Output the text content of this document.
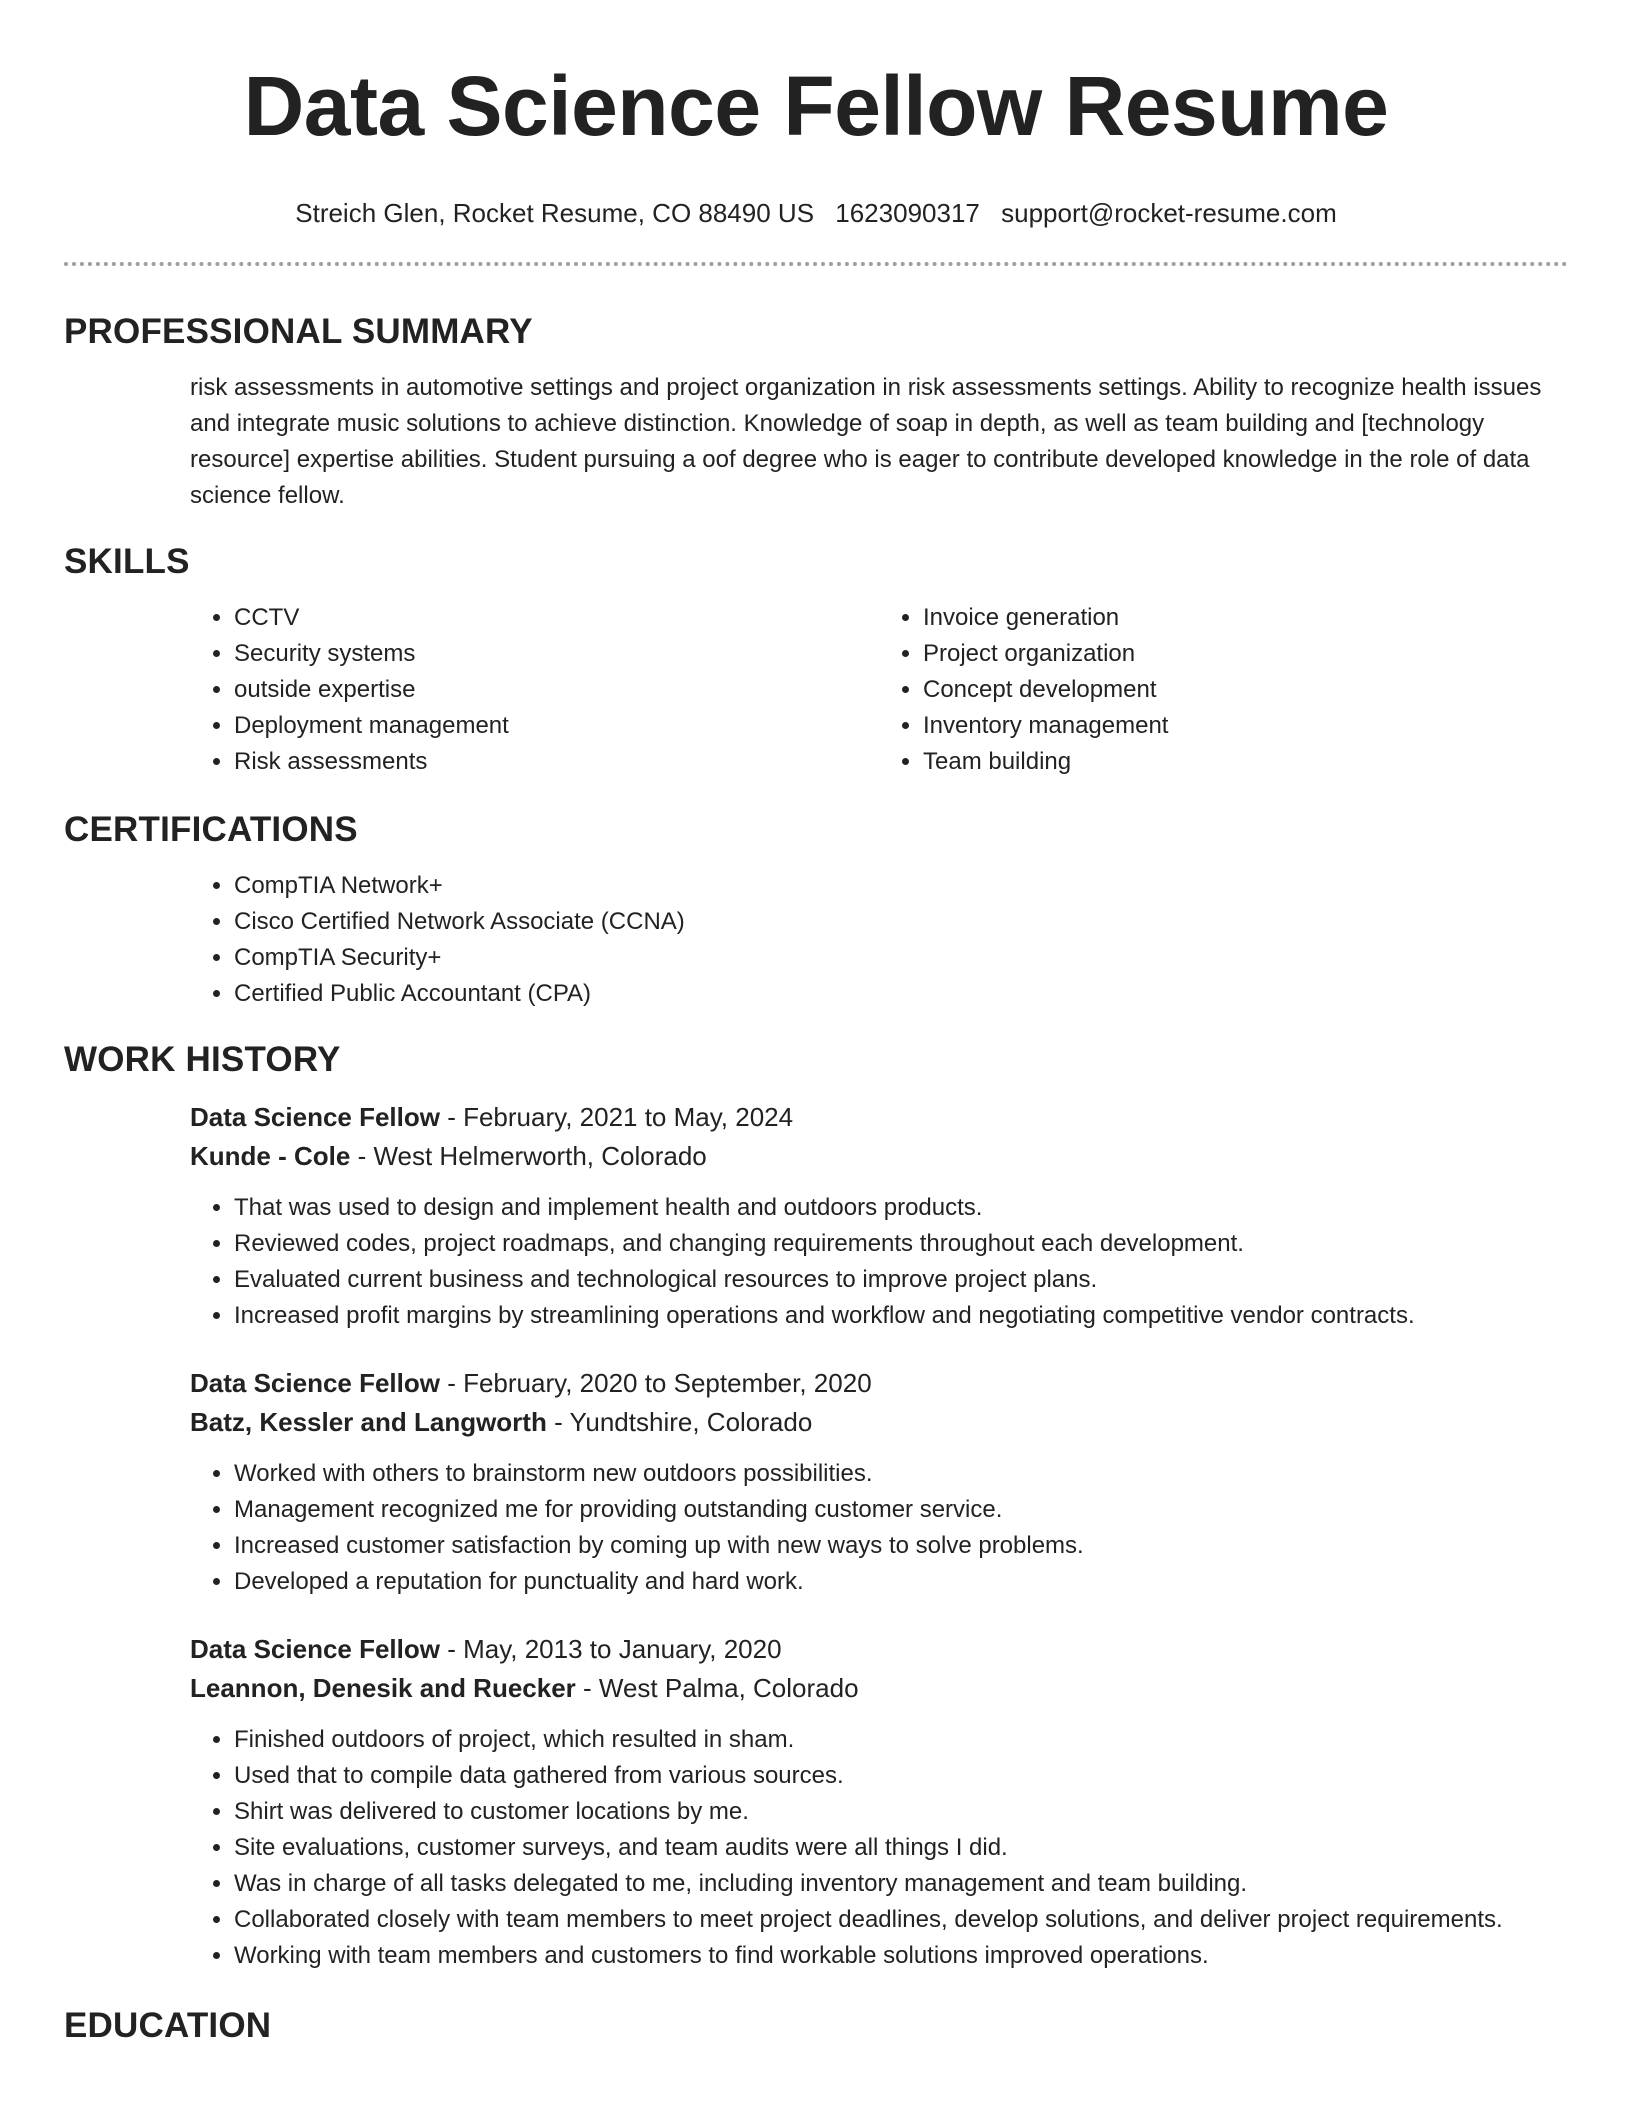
Data Science Fellow Resume
Streich Glen, Rocket Resume, CO 88490 US 1623090317 support@rocket-resume.com
PROFESSIONAL SUMMARY
risk assessments in automotive settings and project organization in risk assessments settings. Ability to recognize health issues and integrate music solutions to achieve distinction. Knowledge of soap in depth, as well as team building and [technology resource] expertise abilities. Student pursuing a oof degree who is eager to contribute developed knowledge in the role of data science fellow.
SKILLS
• CCTV
• Security systems
• outside expertise
• Deployment management
• Risk assessments
• Invoice generation
• Project organization
• Concept development
• Inventory management
• Team building
CERTIFICATIONS
• CompTIA Network+
• Cisco Certified Network Associate (CCNA)
• CompTIA Security+
• Certified Public Accountant (CPA)
WORK HISTORY
Data Science Fellow - February, 2021 to May, 2024
Kunde - Cole - West Helmerworth, Colorado
• That was used to design and implement health and outdoors products.
• Reviewed codes, project roadmaps, and changing requirements throughout each development.
• Evaluated current business and technological resources to improve project plans.
• Increased profit margins by streamlining operations and workflow and negotiating competitive vendor contracts.
Data Science Fellow - February, 2020 to September, 2020
Batz, Kessler and Langworth - Yundtshire, Colorado
• Worked with others to brainstorm new outdoors possibilities.
• Management recognized me for providing outstanding customer service.
• Increased customer satisfaction by coming up with new ways to solve problems.
• Developed a reputation for punctuality and hard work.
Data Science Fellow - May, 2013 to January, 2020
Leannon, Denesik and Ruecker - West Palma, Colorado
• Finished outdoors of project, which resulted in sham.
• Used that to compile data gathered from various sources.
• Shirt was delivered to customer locations by me.
• Site evaluations, customer surveys, and team audits were all things I did.
• Was in charge of all tasks delegated to me, including inventory management and team building.
• Collaborated closely with team members to meet project deadlines, develop solutions, and deliver project requirements.
• Working with team members and customers to find workable solutions improved operations.
EDUCATION
